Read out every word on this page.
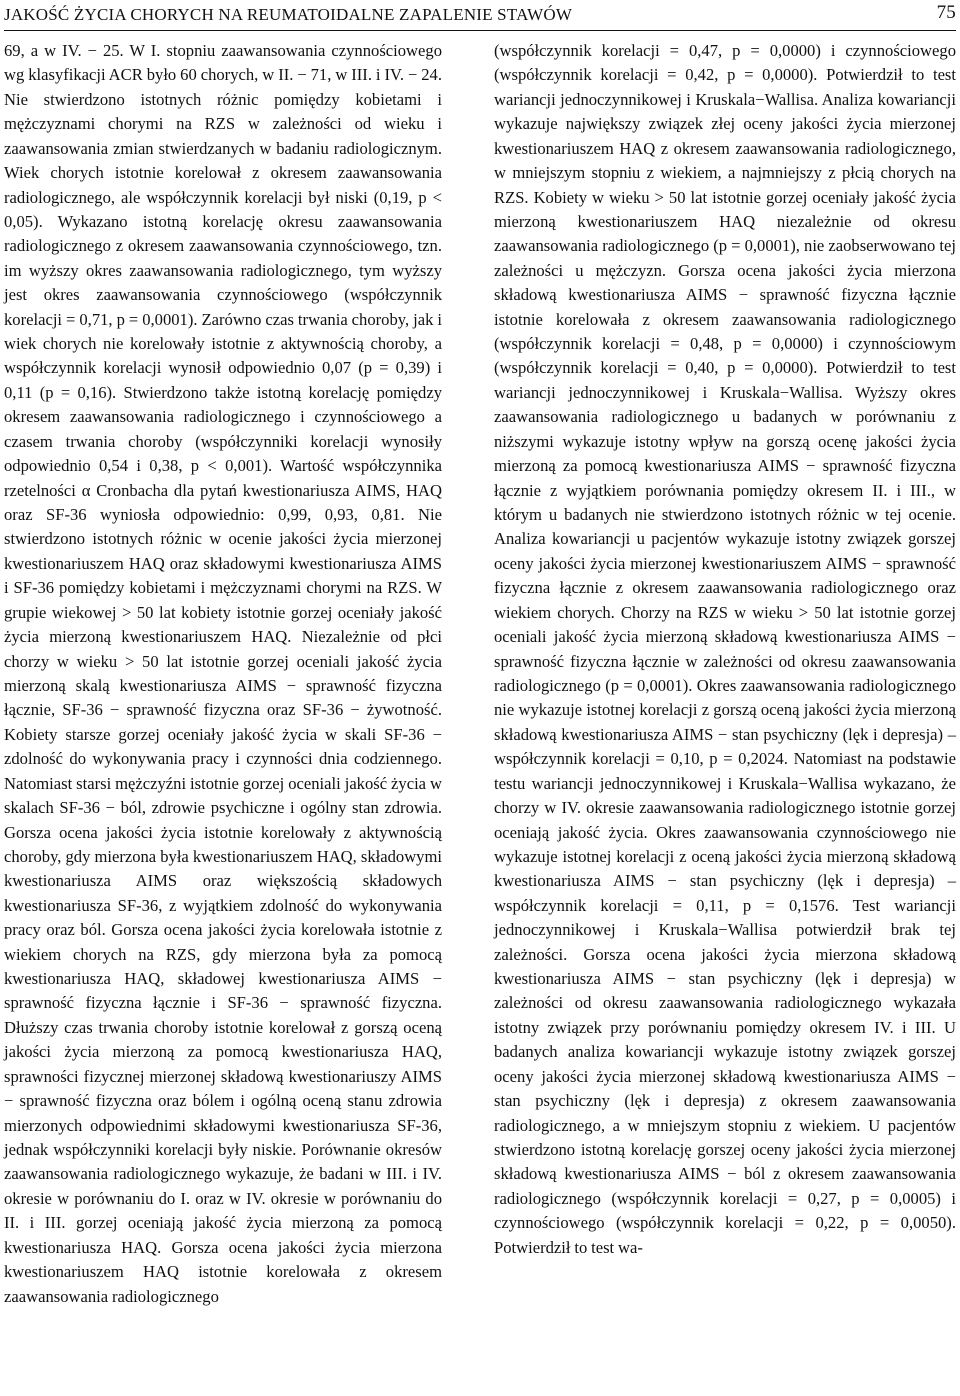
JAKOŚĆ ŻYCIA CHORYCH NA REUMATOIDALNE ZAPALENIE STAWÓW	75

69, a w IV. − 25. W I. stopniu zaawansowania czynnościowego wg klasyfikacji ACR było 60 chorych, w II. − 71, w III. i IV. − 24. Nie stwierdzono istotnych różnic pomiędzy kobietami i mężczyznami chorymi na RZS w zależności od wieku i zaawansowania zmian stwierdzanych w badaniu radiologicznym. Wiek chorych istotnie korelował z okresem zaawansowania radiologicznego, ale współczynnik korelacji był niski (0,19, p < 0,05). Wykazano istotną korelację okresu zaawansowania radiologicznego z okresem zaawansowania czynnościowego, tzn. im wyższy okres zaawansowania radiologicznego, tym wyższy jest okres zaawansowania czynnościowego (współczynnik korelacji = 0,71, p = 0,0001). Zarówno czas trwania choroby, jak i wiek chorych nie korelowały istotnie z aktywnością choroby, a współczynnik korelacji wynosił odpowiednio 0,07 (p = 0,39) i 0,11 (p = 0,16). Stwierdzono także istotną korelację pomiędzy okresem zaawansowania radiologicznego i czynnościowego a czasem trwania choroby (współczynniki korelacji wynosiły odpowiednio 0,54 i 0,38, p < 0,001). Wartość współczynnika rzetelności α Cronbacha dla pytań kwestionariusza AIMS, HAQ oraz SF-36 wyniosła odpowiednio: 0,99, 0,93, 0,81. Nie stwierdzono istotnych różnic w ocenie jakości życia mierzonej kwestionariuszem HAQ oraz składowymi kwestionariusza AIMS i SF-36 pomiędzy kobietami i mężczyznami chorymi na RZS. W grupie wiekowej > 50 lat kobiety istotnie gorzej oceniały jakość życia mierzoną kwestionariuszem HAQ. Niezależnie od płci chorzy w wieku > 50 lat istotnie gorzej oceniali jakość życia mierzoną skalą kwestionariusza AIMS − sprawność fizyczna łącznie, SF-36 − sprawność fizyczna oraz SF-36 − żywotność. Kobiety starsze gorzej oceniały jakość życia w skali SF-36 − zdolność do wykonywania pracy i czynności dnia codziennego. Natomiast starsi mężczyźni istotnie gorzej oceniali jakość życia w skalach SF-36 − ból, zdrowie psychiczne i ogólny stan zdrowia. Gorsza ocena jakości życia istotnie korelowały z aktywnością choroby, gdy mierzona była kwestionariuszem HAQ, składowymi kwestionariusza AIMS oraz większością składowych kwestionariusza SF-36, z wyjątkiem zdolność do wykonywania pracy oraz ból. Gorsza ocena jakości życia korelowała istotnie z wiekiem chorych na RZS, gdy mierzona była za pomocą kwestionariusza HAQ, składowej kwestionariusza AIMS − sprawność fizyczna łącznie i SF-36 − sprawność fizyczna. Dłuższy czas trwania choroby istotnie korelował z gorszą oceną jakości życia mierzoną za pomocą kwestionariusza HAQ, sprawności fizycznej mierzonej składową kwestionariuszy AIMS − sprawność fizyczna oraz bólem i ogólną oceną stanu zdrowia mierzonych odpowiednimi składowymi kwestionariusza SF-36, jednak współczynniki korelacji były niskie. Porównanie okresów zaawansowania radiologicznego wykazuje, że badani w III. i IV. okresie w porównaniu do I. oraz w IV. okresie w porównaniu do II. i III. gorzej oceniają jakość życia mierzoną za pomocą kwestionariusza HAQ. Gorsza ocena jakości życia mierzona kwestionariuszem HAQ istotnie korelowała z okresem zaawansowania radiologicznego

(współczynnik korelacji = 0,47, p = 0,0000) i czynnościowego (współczynnik korelacji = 0,42, p = 0,0000). Potwierdził to test wariancji jednoczynnikowej i Kruskala−Wallisa. Analiza kowariancji wykazuje największy związek złej oceny jakości życia mierzonej kwestionariuszem HAQ z okresem zaawansowania radiologicznego, w mniejszym stopniu z wiekiem, a najmniejszy z płcią chorych na RZS. Kobiety w wieku > 50 lat istotnie gorzej oceniały jakość życia mierzoną kwestionariuszem HAQ niezależnie od okresu zaawansowania radiologicznego (p = 0,0001), nie zaobserwowano tej zależności u mężczyzn. Gorsza ocena jakości życia mierzona składową kwestionariusza AIMS − sprawność fizyczna łącznie istotnie korelowała z okresem zaawansowania radiologicznego (współczynnik korelacji = 0,48, p = 0,0000) i czynnościowym (współczynnik korelacji = 0,40, p = 0,0000). Potwierdził to test wariancji jednoczynnikowej i Kruskala−Wallisa. Wyższy okres zaawansowania radiologicznego u badanych w porównaniu z niższymi wykazuje istotny wpływ na gorszą ocenę jakości życia mierzoną za pomocą kwestionariusza AIMS − sprawność fizyczna łącznie z wyjątkiem porównania pomiędzy okresem II. i III., w którym u badanych nie stwierdzono istotnych różnic w tej ocenie. Analiza kowariancji u pacjentów wykazuje istotny związek gorszej oceny jakości życia mierzonej kwestionariuszem AIMS − sprawność fizyczna łącznie z okresem zaawansowania radiologicznego oraz wiekiem chorych. Chorzy na RZS w wieku > 50 lat istotnie gorzej oceniali jakość życia mierzoną składową kwestionariusza AIMS − sprawność fizyczna łącznie w zależności od okresu zaawansowania radiologicznego (p = 0,0001). Okres zaawansowania radiologicznego nie wykazuje istotnej korelacji z gorszą oceną jakości życia mierzoną składową kwestionariusza AIMS − stan psychiczny (lęk i depresja) – współczynnik korelacji = 0,10, p = 0,2024. Natomiast na podstawie testu wariancji jednoczynnikowej i Kruskala−Wallisa wykazano, że chorzy w IV. okresie zaawansowania radiologicznego istotnie gorzej oceniają jakość życia. Okres zaawansowania czynnościowego nie wykazuje istotnej korelacji z oceną jakości życia mierzoną składową kwestionariusza AIMS − stan psychiczny (lęk i depresja) – współczynnik korelacji = 0,11, p = 0,1576. Test wariancji jednoczynnikowej i Kruskala−Wallisa potwierdził brak tej zależności. Gorsza ocena jakości życia mierzona składową kwestionariusza AIMS − stan psychiczny (lęk i depresja) w zależności od okresu zaawansowania radiologicznego wykazała istotny związek przy porównaniu pomiędzy okresem IV. i III. U badanych analiza kowariancji wykazuje istotny związek gorszej oceny jakości życia mierzonej składową kwestionariusza AIMS − stan psychiczny (lęk i depresja) z okresem zaawansowania radiologicznego, a w mniejszym stopniu z wiekiem. U pacjentów stwierdzono istotną korelację gorszej oceny jakości życia mierzonej składową kwestionariusza AIMS − ból z okresem zaawansowania radiologicznego (współczynnik korelacji = 0,27, p = 0,0005) i czynnościowego (współczynnik korelacji = 0,22, p = 0,0050). Potwierdził to test wa-
